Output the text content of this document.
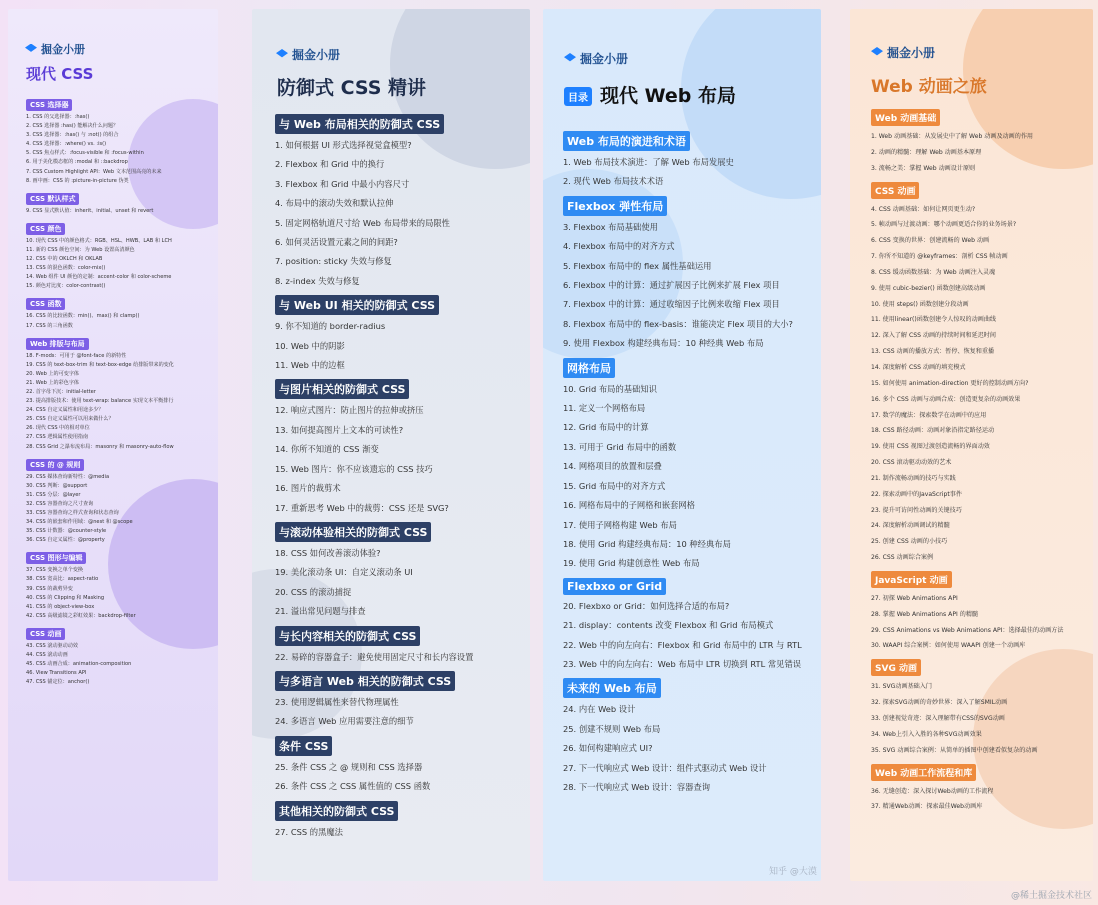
掘金小册
现代 CSS
CSS 选择器
1. CSS 的父选择器：:has()
2. CSS 选择器 :has() 能解决什么问题？
3. CSS 选择器：:has() 与 :not() 的组合
4. CSS 选择器：:where() vs. :is()
5. CSS 焦点样式：:focus-visible 和 :focus-within
6. 用于美化模态框的 :modal 和 ::backdrop
7. CSS Custom Highlight API：Web 文本范围高亮的未来
8. 画中画：CSS 的 :picture-in-picture 伪类
CSS 默认样式
9. CSS 显式默认值：inherit、initial、unset 和 revert
CSS 颜色
10. 现代 CSS 中的颜色格式：RGB、HSL、HWB、LAB 和 LCH
11. 新的 CSS 颜色空间：为 Web 设置高清颜色
12. CSS 中的 OKLCH 和 OKLAB
13. CSS 的混色函数：color-mix()
14. Web 组件 UI 颜色的定制：accent-color 和 color-scheme
15. 颜色对比度：color-contrast()
CSS 函数
16. CSS 的比较函数：min()、max() 和 clamp()
17. CSS 的三角函数
Web 排版与布局
18. F-mods：可用于 @font-face 的新特性
19. CSS 的 text-box-trim 和 text-box-edge 给排版带来的变化
20. Web 上的可变字体
21. Web 上的彩色字体
22. 首字母下沉：initial-letter
23. 提高排版技术：使用 text-wrap: balance 实现文本平衡排行
24. CSS 自定义属性和用途多少？
25. CSS 自定义属性可以用来做什么？
26. 现代 CSS 中的相对单位
27. CSS 逻辑属性使用指南
28. CSS Grid 之瀑布流布局：masonry 和 masonry-auto-flow
CSS 的 @ 规则
29. CSS 媒体查询新特性：@media
30. CSS 判断：@support
31. CSS 分层：@layer
32. CSS 容器查询之尺寸查询
33. CSS 容器查询之样式查询和状态查询
34. CSS 的嵌套和作用域：@nest 和 @scope
35. CSS 计数器：@counter-style
36. CSS 自定义属性：@property
CSS 图形与编辑
37. CSS 变换之单个变换
38. CSS 宽高比：aspect-ratio
39. CSS 的裁剪异变
40. CSS 的 Clipping 和 Masking
41. CSS 的 object-view-box
42. CSS 高级滤镜之彩虹效果：backdrop-filter
CSS 动画
43. CSS 滚动驱动动效
44. CSS 滚动动画
45. CSS 动画合成：animation-composition
46. View Transitions API
47. CSS 锚定位：anchor()
掘金小册
防御式 CSS 精讲
与 Web 布局相关的防御式 CSS
1. 如何根据 UI 形式选择视觉盒模型?
2. Flexbox 和 Grid 中的换行
3. Flexbox 和 Grid 中最小内容尺寸
4. 布局中的滚动失效和默认拉伸
5. 固定网格轨道尺寸给 Web 布局带来的局限性
6. 如何灵活设置元素之间的间距?
7. position: sticky 失效与修复
8. z-index 失效与修复
与 Web UI 相关的防御式 CSS
9. 你不知道的 border-radius
10. Web 中的阴影
11. Web 中的边框
与图片相关的防御式 CSS
12. 响应式图片：防止图片的拉伸或挤压
13. 如何提高图片上文本的可读性?
14. 你所不知道的 CSS 渐变
15. Web 图片：你不应该遗忘的 CSS 技巧
16. 图片的裁剪术
17. 重新思考 Web 中的裁剪：CSS 还是 SVG?
与滚动体验相关的防御式 CSS
18. CSS 如何改善滚动体验?
19. 美化滚动条 UI：自定义滚动条 UI
20. CSS 的滚动捕捉
21. 溢出常见问题与排查
与长内容相关的防御式 CSS
22. 易碎的容器盒子：避免使用固定尺寸和长内容设置
与多语言 Web 相关的防御式 CSS
23. 使用逻辑属性来替代物理属性
24. 多语言 Web 应用需要注意的细节
条件 CSS
25. 条件 CSS 之 @ 规则和 CSS 选择器
26. 条件 CSS 之 CSS 属性值的 CSS 函数
其他相关的防御式 CSS
27. CSS 的黑魔法
掘金小册
目录 现代 Web 布局
Web 布局的演进和术语
1. Web 布局技术演进：了解 Web 布局发展史
2. 现代 Web 布局技术术语
Flexbox 弹性布局
3. Flexbox 布局基础使用
4. Flexbox 布局中的对齐方式
5. Flexbox 布局中的 flex 属性基础运用
6. Flexbox 中的计算：通过扩展因子比例来扩展 Flex 项目
7. Flexbox 中的计算：通过收缩因子比例来收缩 Flex 项目
8. Flexbox 布局中的 flex-basis：谁能决定 Flex 项目的大小?
9. 使用 Flexbox 构建经典布局：10 种经典 Web 布局
网格布局
10. Grid 布局的基础知识
11. 定义一个网格布局
12. Grid 布局中的计算
13. 可用于 Grid 布局中的函数
14. 网格项目的放置和层叠
15. Grid 布局中的对齐方式
16. 网格布局中的子网格和嵌套网格
17. 使用子网格构建 Web 布局
18. 使用 Grid 构建经典布局：10 种经典布局
19. 使用 Grid 构建创意性 Web 布局
Flexbxo or Grid
20. Flexbxo or Grid：如何选择合适的布局?
21. display：contents 改变 Flexbox 和 Grid 布局模式
22. Web 中的向左向右：Flexbox 和 Grid 布局中的 LTR 与 RTL
23. Web 中的向左向右：Web 布局中 LTR 切换到 RTL 常见错误
未来的 Web 布局
24. 内在 Web 设计
25. 创建不规则 Web 布局
26. 如何构建响应式 UI?
27. 下一代响应式 Web 设计：组件式驱动式 Web 设计
28. 下一代响应式 Web 设计：容器查询
知乎 @大漠
掘金小册
Web 动画之旅
Web 动画基础
1. Web 动画基础：从发展史中了解 Web 动画及动画的作用
2. 动画的精髓：理解 Web 动画基本原理
3. 流畅之美：掌握 Web 动画设计原则
CSS 动画
4. CSS 动画基础：如何让网页更生动?
5. 帧动画与过渡动画：哪个动画更适合你的业务场景?
6. CSS 变换的世界：创建流畅的 Web 动画
7. 你所不知道的 @keyframes：剖析 CSS 帧动画
8. CSS 缓动函数基础：为 Web 动画注入灵魂
9. 使用 cubic-bezier() 函数创建高级动画
10. 使用 steps() 函数创建分段动画
11. 使用linear()函数创建令人惊叹的动画曲线
12. 深入了解 CSS 动画的持续时间和延迟时间
13. CSS 动画的播放方式：暂停、恢复和重播
14. 深度解析 CSS 动画的填充模式
15. 如何使用 animation-direction 更好的控制动画方向?
16. 多个 CSS 动画与动画合成：创造更复杂的动画效果
17. 数学的魔法：探索数学在动画中的应用
18. CSS 路径动画：动画对象沿指定路径运动
19. 使用 CSS 视图过渡创造流畅的界面动效
20. CSS 滚动驱动动效的艺术
21. 制作流畅动画的技巧与实践
22. 探索动画中的JavaScript事件
23. 提升可访问性动画的关键技巧
24. 深度解析动画调试的精髓
25. 创建 CSS 动画的小技巧
26. CSS 动画综合案例
JavaScript 动画
27. 初探 Web Animations API
28. 掌握 Web Animations API 的精髓
29. CSS Animations vs Web Animations API：选择最佳的动画方法
30. WAAPI 综合案例：如何使用 WAAPI 创建一个动画库
SVG 动画
31. SVG动画基础入门
32. 探索SVG动画的奇妙世界：深入了解SMIL动画
33. 创建视觉奇迹：深入理解带有CSS的SVG动画
34. Web上引入入胜的各种SVG动画效果
35. SVG 动画综合案例：从简单的插图中创建看似复杂的动画
Web 动画工作流程和库
36. 无缝创造：深入探讨Web动画的工作流程
37. 精通Web动画：探索最佳Web动画库
@稀土掘金技术社区
